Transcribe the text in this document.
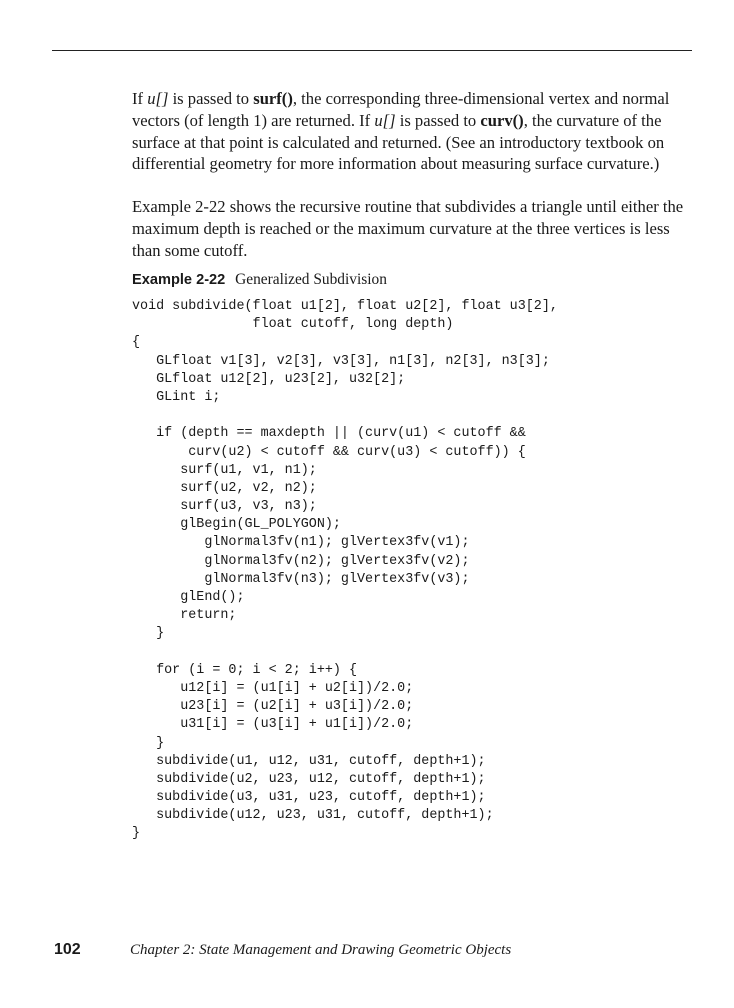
If u[] is passed to surf(), the corresponding three-dimensional vertex and normal vectors (of length 1) are returned. If u[] is passed to curv(), the curvature of the surface at that point is calculated and returned. (See an introductory textbook on differential geometry for more information about measuring surface curvature.)

Example 2-22 shows the recursive routine that subdivides a triangle until either the maximum depth is reached or the maximum curvature at the three vertices is less than some cutoff.

Example 2-22 Generalized Subdivision
void subdivide(float u1[2], float u2[2], float u3[2],
float cutoff, long depth)
{
GLfloat v1[3], v2[3], v3[3], n1[3], n2[3], n3[3];
GLfloat u12[2], u23[2], u32[2];
GLint i;
if (depth == maxdepth || (curv(u1) < cutoff &&
curv(u2) < cutoff && curv(u3) < cutoff)) {
surf(u1, v1, n1);
surf(u2, v2, n2);
surf(u3, v3, n3);
glBegin(GL_POLYGON);
glNormal3fv(n1); glVertex3fv(v1);
glNormal3fv(n2); glVertex3fv(v2);
glNormal3fv(n3); glVertex3fv(v3);
glEnd();
return;
}
for (i = 0; i < 2; i++) {
u12[i] = (u1[i] + u2[i])/2.0;
u23[i] = (u2[i] + u3[i])/2.0;
u31[i] = (u3[i] + u1[i])/2.0;
}
subdivide(u1, u12, u31, cutoff, depth+1);
subdivide(u2, u23, u12, cutoff, depth+1);
subdivide(u3, u31, u23, cutoff, depth+1);
subdivide(u12, u23, u31, cutoff, depth+1);
}
102	Chapter 2: State Management and Drawing Geometric Objects
